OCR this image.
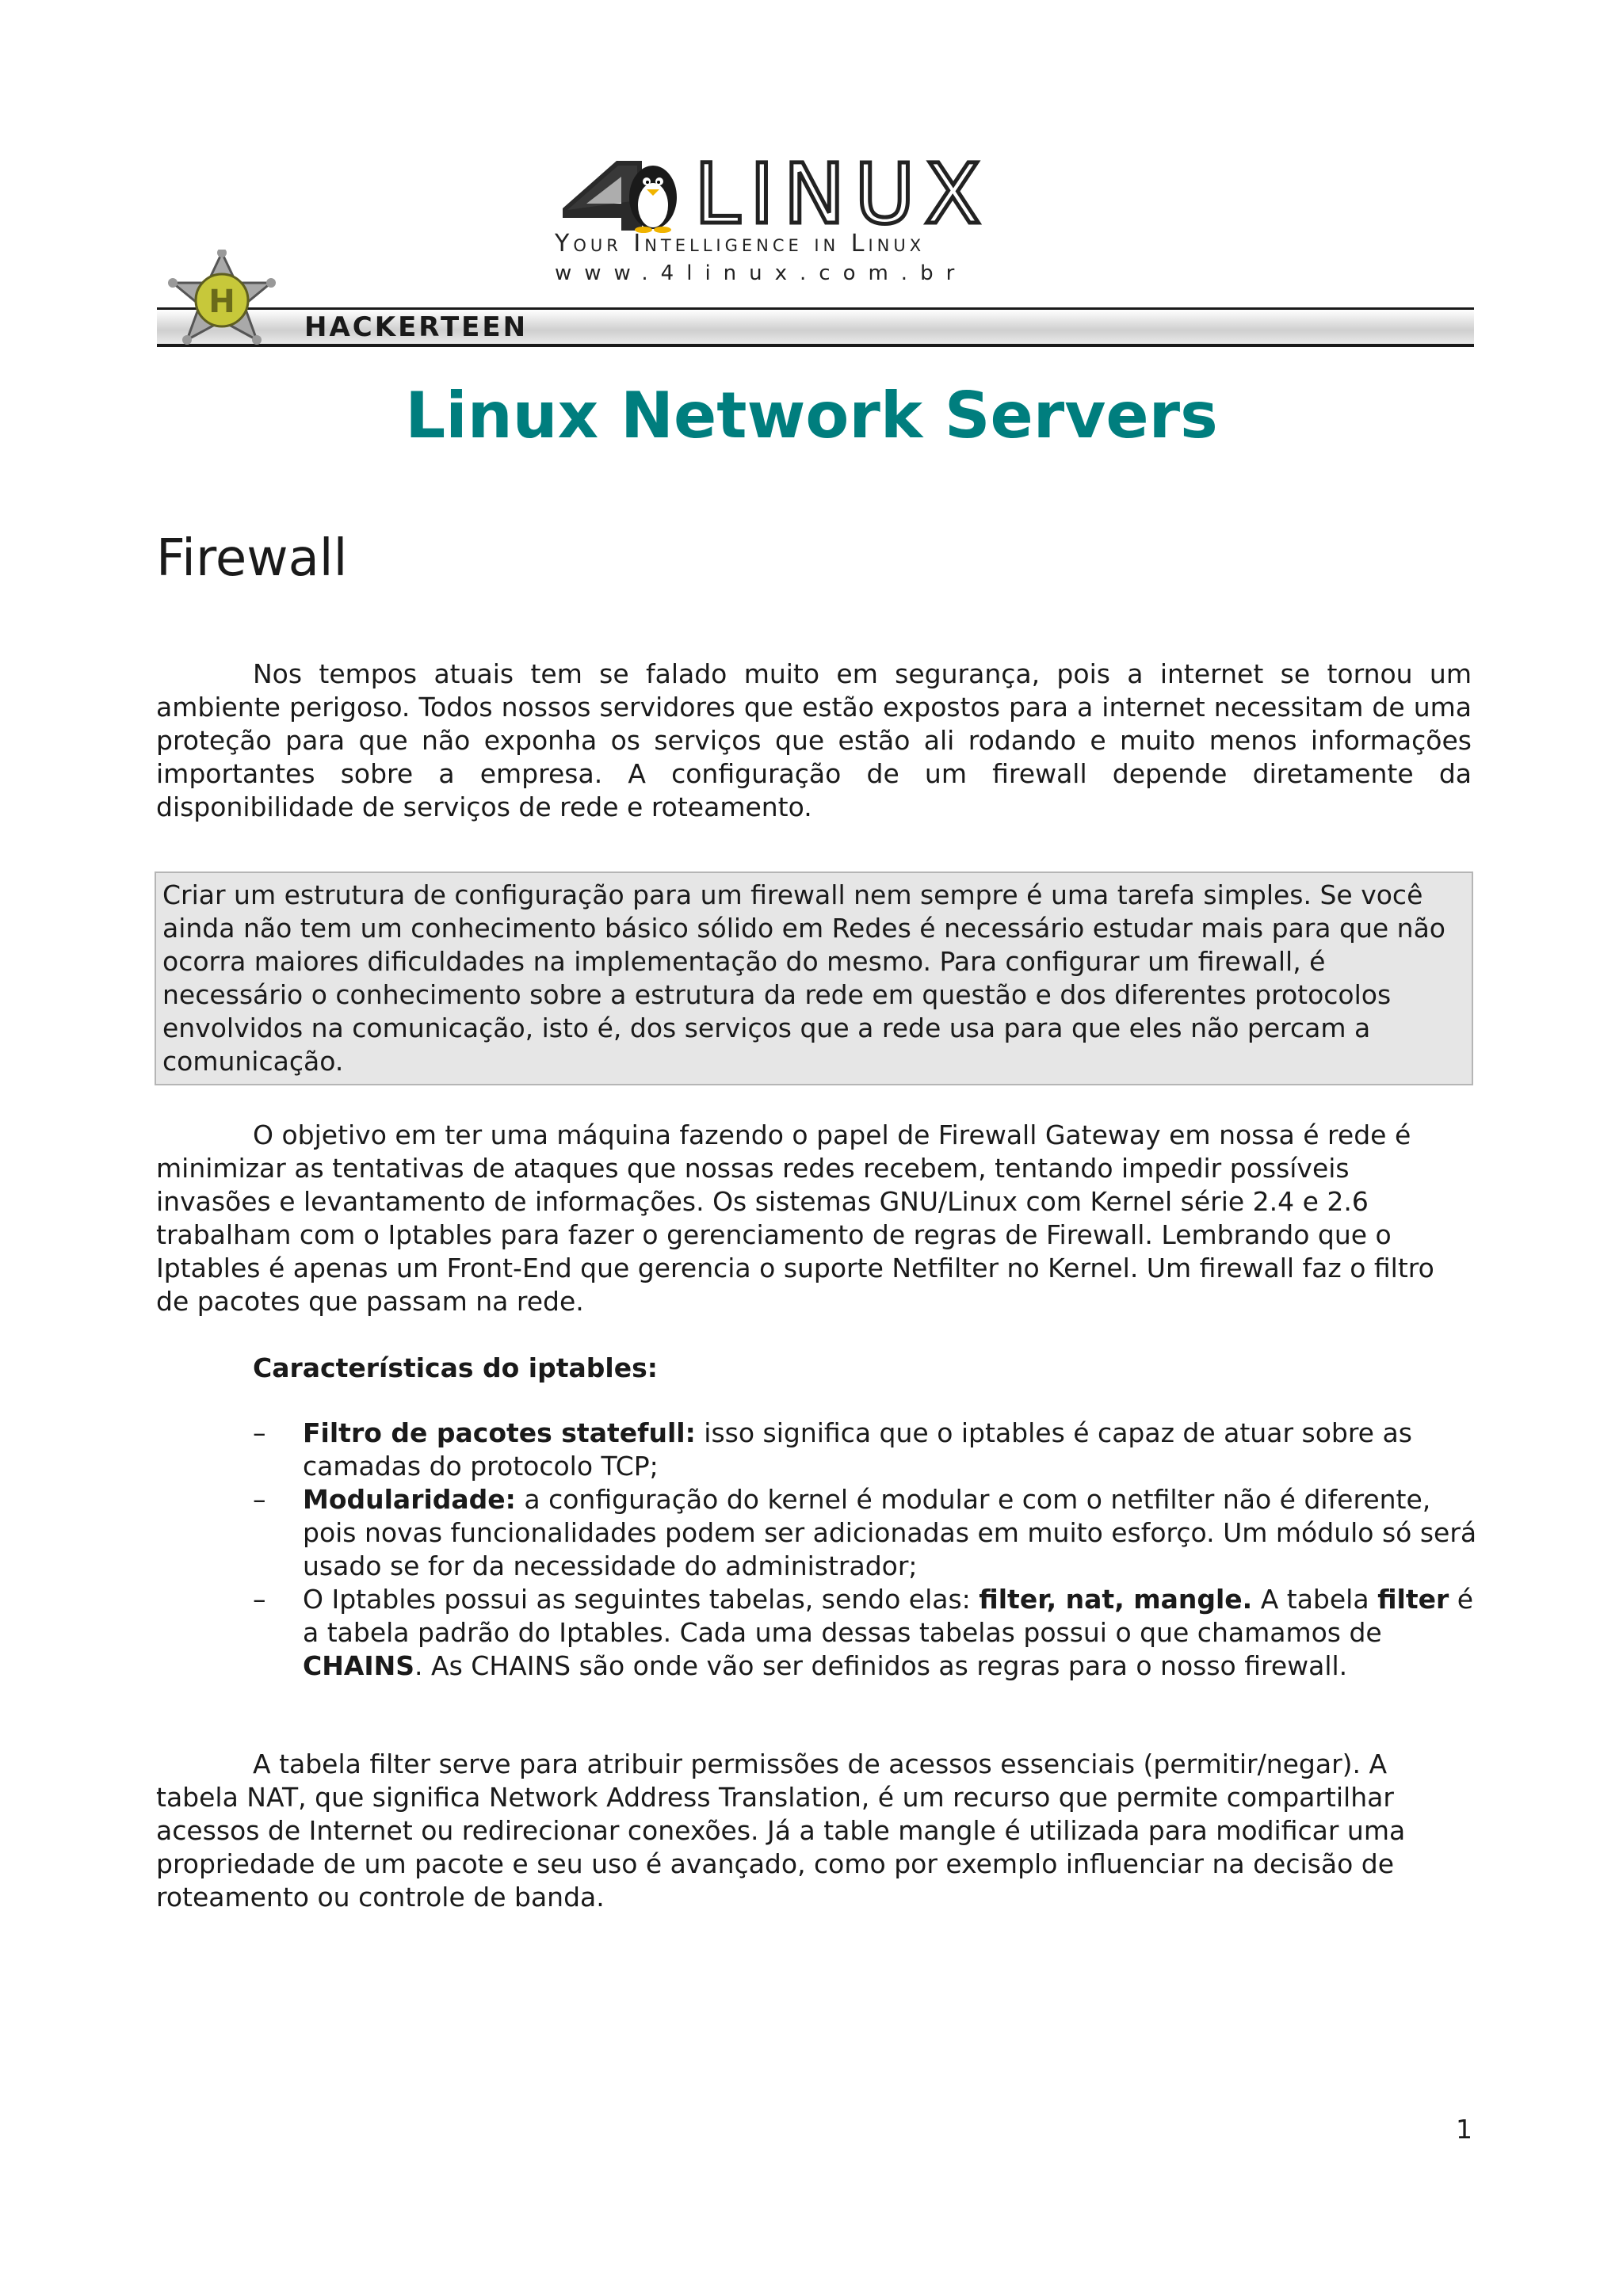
LINUX
Your Intelligence in Linux
www.4linux.com.br
H
HACKERTEEN
Linux Network Servers
Firewall
Nos tempos atuais tem se falado muito em segurança, pois a internet se tornou um ambiente perigoso. Todos nossos servidores que estão expostos para a internet necessitam de uma proteção para que não exponha os serviços que estão ali rodando e muito menos informações importantes sobre a empresa. A configuração de um firewall depende diretamente da disponibilidade de serviços de rede e roteamento.
Criar um estrutura de configuração para um firewall nem sempre é uma tarefa simples. Se você ainda não tem um conhecimento básico sólido em Redes é necessário estudar mais para que não ocorra maiores dificuldades na implementação do mesmo. Para configurar um firewall, é necessário o conhecimento sobre a estrutura da rede em questão e dos diferentes protocolos envolvidos na comunicação, isto é, dos serviços que a rede usa para que eles não percam a comunicação.
O objetivo em ter uma máquina fazendo o papel de Firewall Gateway em nossa é rede é minimizar as tentativas de ataques que nossas redes recebem, tentando impedir possíveis invasões e levantamento de informações. Os sistemas GNU/Linux com Kernel série 2.4 e 2.6 trabalham com o Iptables para fazer o gerenciamento de regras de Firewall. Lembrando que o Iptables é apenas um Front-End que gerencia o suporte Netfilter no Kernel. Um firewall faz o filtro de pacotes que passam na rede.
Características do iptables:
– Filtro de pacotes statefull: isso significa que o iptables é capaz de atuar sobre as camadas do protocolo TCP;
– Modularidade: a configuração do kernel é modular e com o netfilter não é diferente, pois novas funcionalidades podem ser adicionadas em muito esforço. Um módulo só será usado se for da necessidade do administrador;
– O Iptables possui as seguintes tabelas, sendo elas: filter, nat, mangle. A tabela filter é a tabela padrão do Iptables. Cada uma dessas tabelas possui o que chamamos de CHAINS. As CHAINS são onde vão ser definidos as regras para o nosso firewall.
A tabela filter serve para atribuir permissões de acessos essenciais (permitir/negar). A tabela NAT, que significa Network Address Translation, é um recurso que permite compartilhar acessos de Internet ou redirecionar conexões. Já a table mangle é utilizada para modificar uma propriedade de um pacote e seu uso é avançado, como por exemplo influenciar na decisão de roteamento ou controle de banda.
1
